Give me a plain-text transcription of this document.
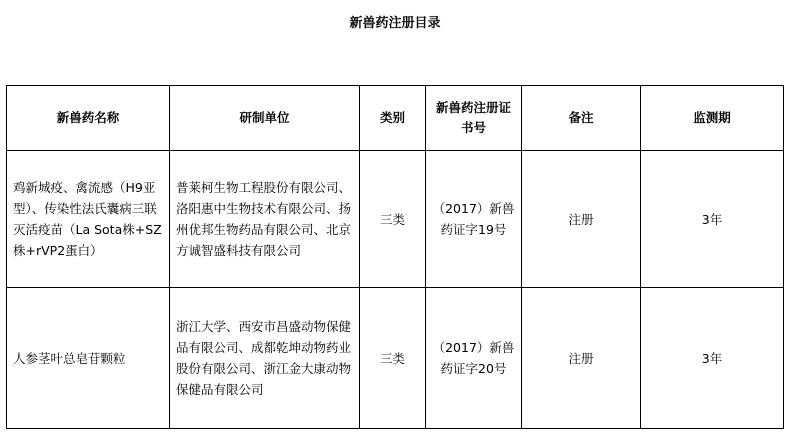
新兽药注册目录
新兽药名称	研制单位	类别	新兽药注册证书号	备注	监测期
鸡新城疫、禽流感（H9亚型）、传染性法氏囊病三联灭活疫苗（La Sota株+SZ株+rVP2蛋白）	普莱柯生物工程股份有限公司、洛阳惠中生物技术有限公司、扬州优邦生物药品有限公司、北京方诚智盛科技有限公司	三类	（2017）新兽药证字19号	注册	3年
人参茎叶总皂苷颗粒	浙江大学、西安市昌盛动物保健品有限公司、成都乾坤动物药业股份有限公司、浙江金大康动物保健品有限公司	三类	（2017）新兽药证字20号	注册	3年
